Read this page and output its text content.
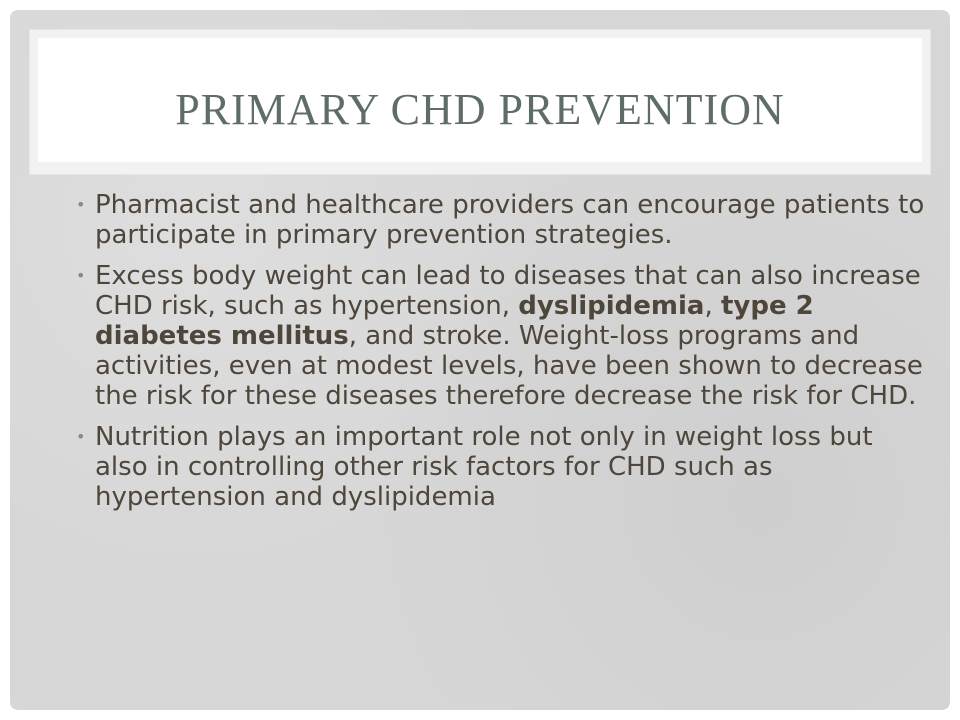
PRIMARY CHD PREVENTION
• Pharmacist and healthcare providers can encourage patients to participate in primary prevention strategies.
• Excess body weight can lead to diseases that can also increase CHD risk, such as hypertension, dyslipidemia, type 2 diabetes mellitus, and stroke. Weight-loss programs and activities, even at modest levels, have been shown to decrease the risk for these diseases therefore decrease the risk for CHD.
• Nutrition plays an important role not only in weight loss but also in controlling other risk factors for CHD such as hypertension and dyslipidemia
